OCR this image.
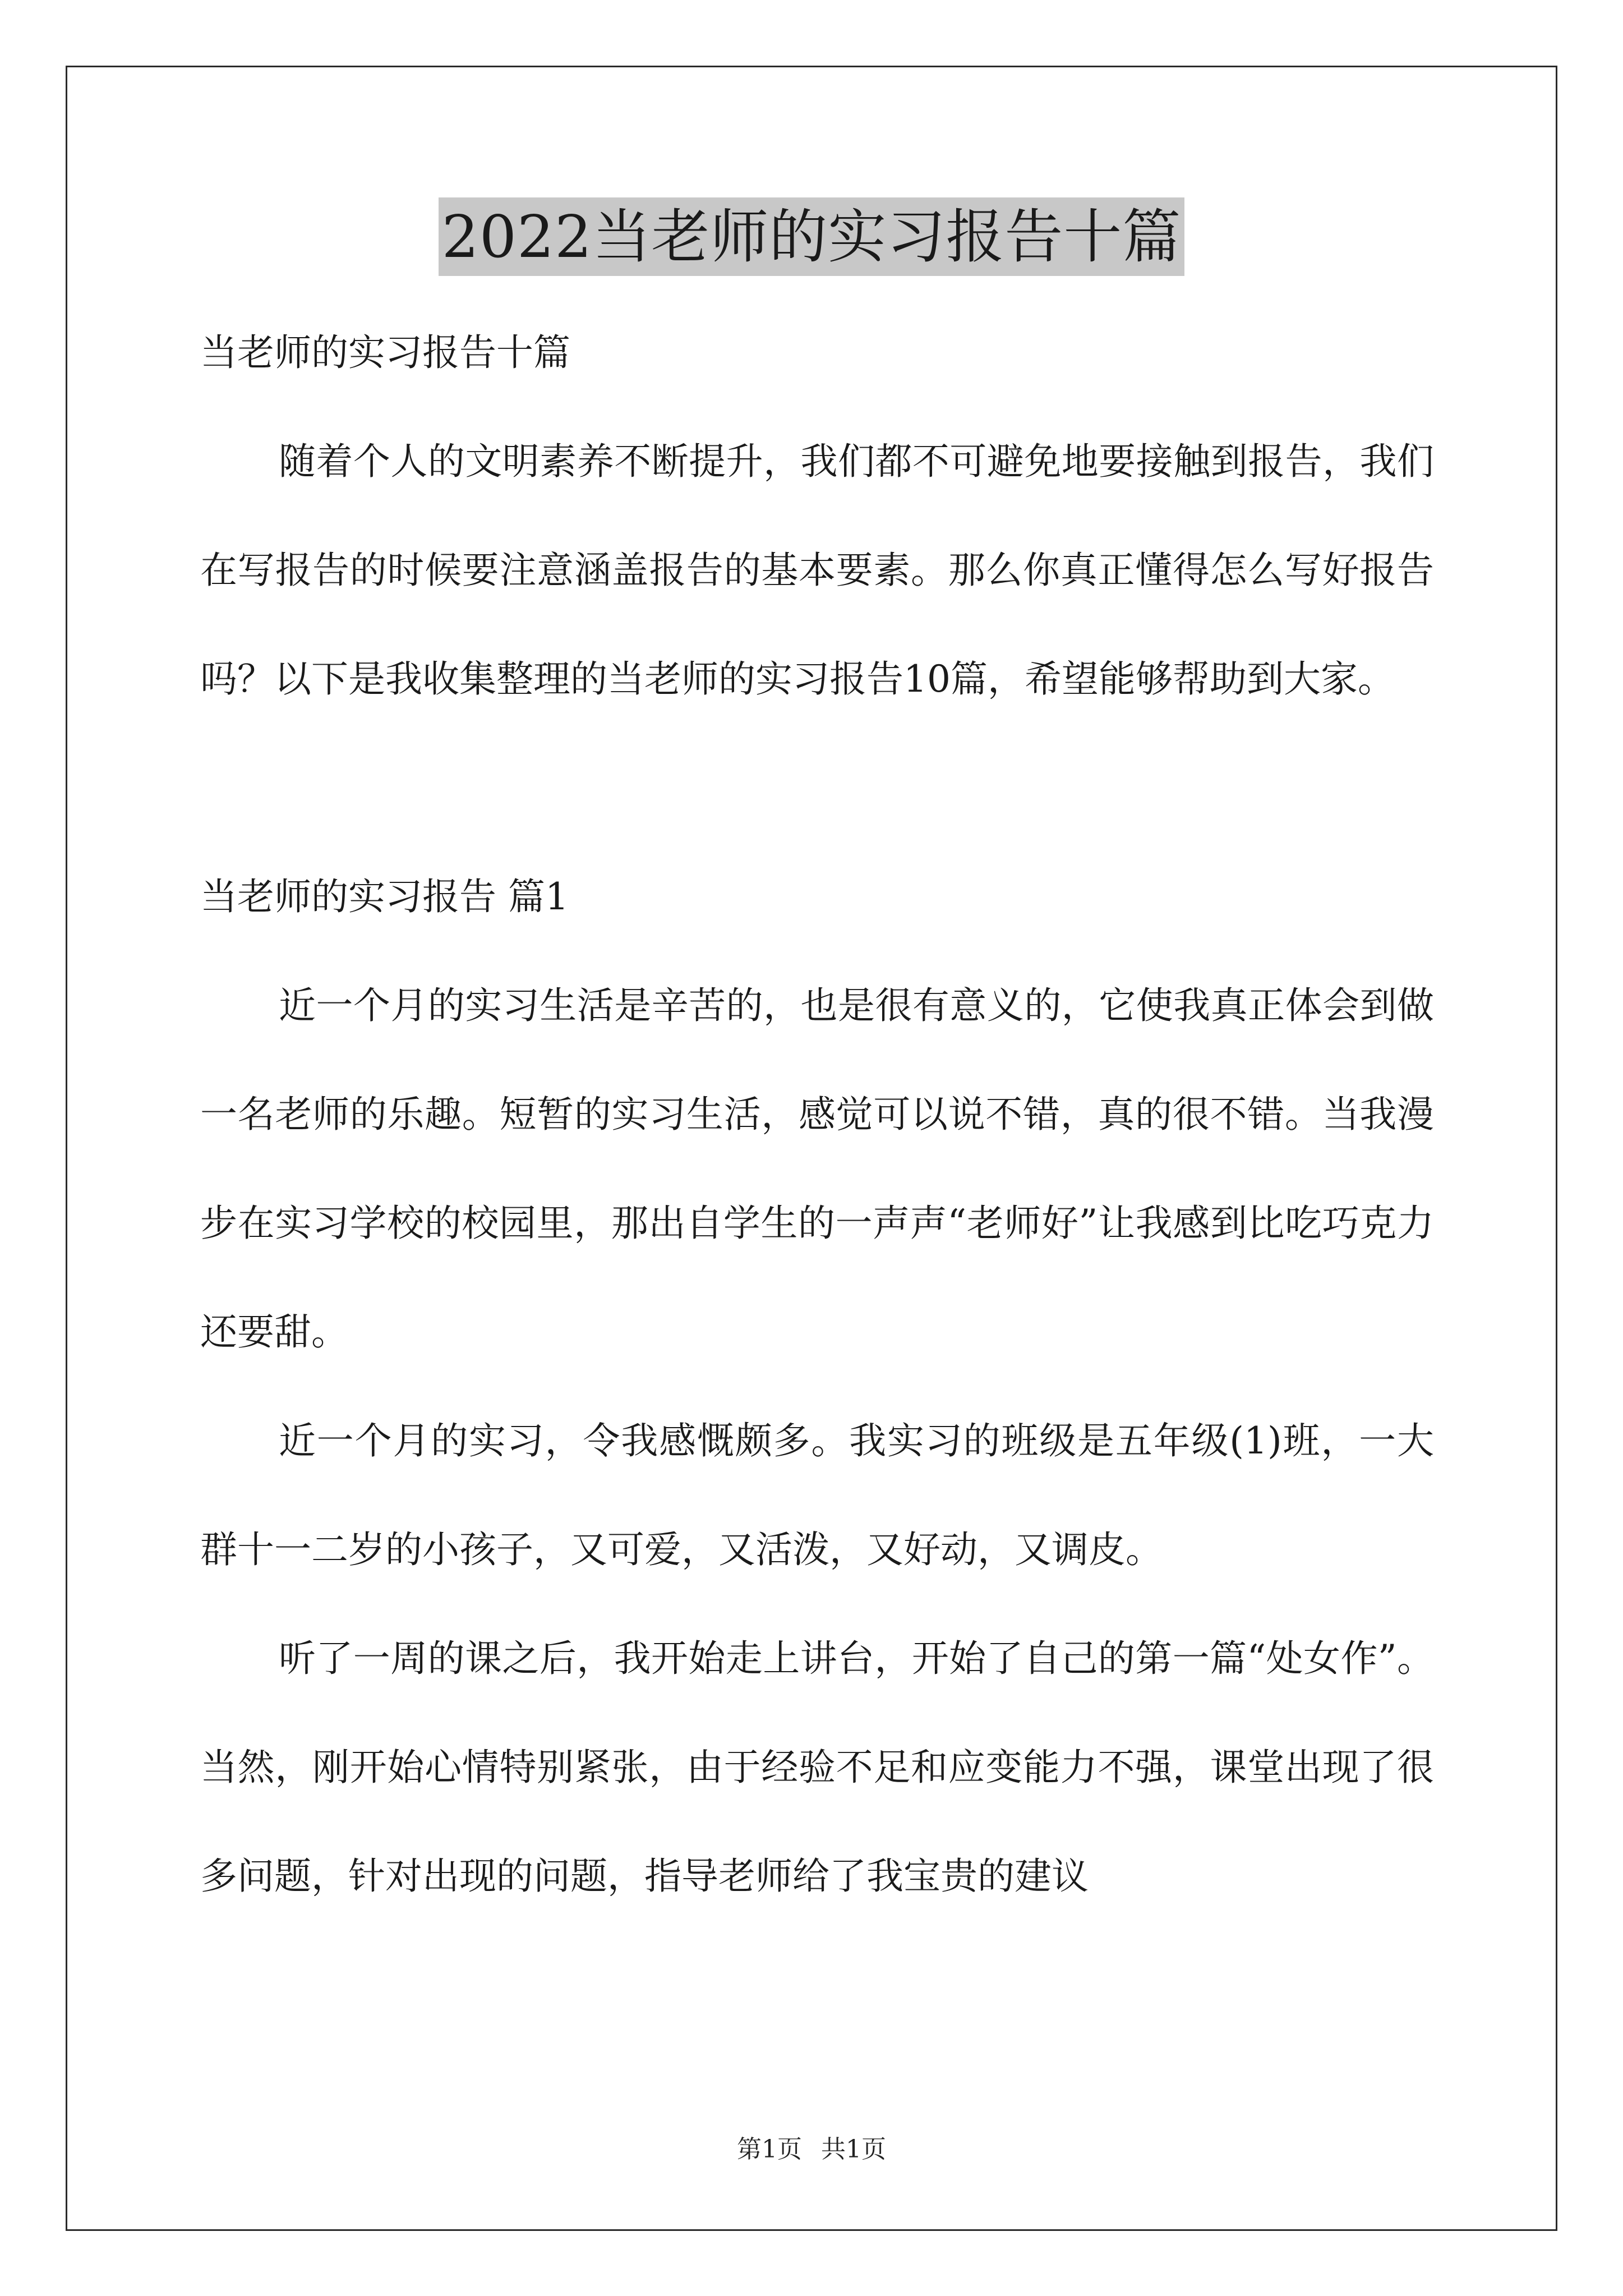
2022当老师的实习报告十篇

当老师的实习报告十篇

随着个人的文明素养不断提升，我们都不可避免地要接触到报告，我们在写报告的时候要注意涵盖报告的基本要素。那么你真正懂得怎么写好报告吗？以下是我收集整理的当老师的实习报告10篇，希望能够帮助到大家。

当老师的实习报告 篇1

近一个月的实习生活是辛苦的，也是很有意义的，它使我真正体会到做一名老师的乐趣。短暂的实习生活，感觉可以说不错，真的很不错。当我漫步在实习学校的校园里，那出自学生的一声声“老师好”让我感到比吃巧克力还要甜。

近一个月的实习，令我感慨颇多。我实习的班级是五年级(1)班，一大群十一二岁的小孩子，又可爱，又活泼，又好动，又调皮。

听了一周的课之后，我开始走上讲台，开始了自己的第一篇“处女作”。当然，刚开始心情特别紧张，由于经验不足和应变能力不强，课堂出现了很多问题，针对出现的问题，指导老师给了我宝贵的建议

第1页 共1页
